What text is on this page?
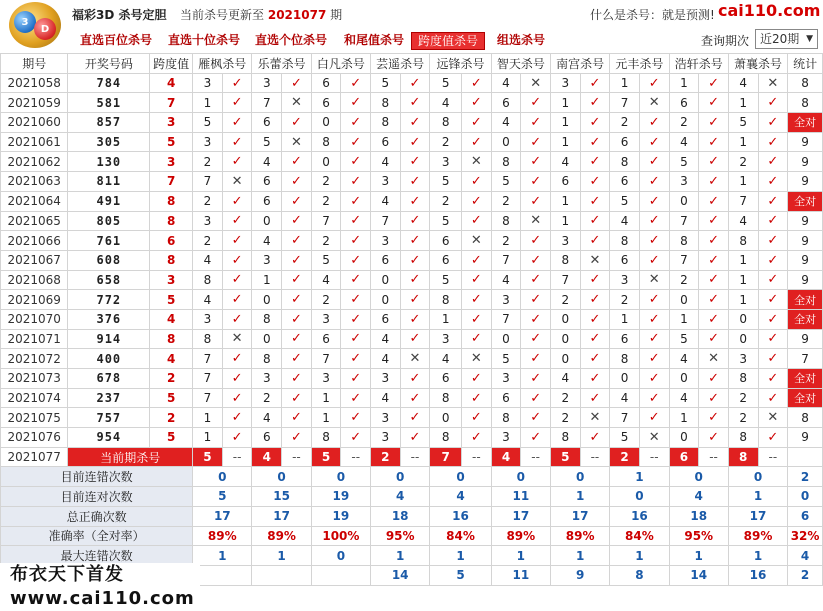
3
D
福彩3D 杀号定胆 当前杀号更新至 2021077 期	什么是杀号：就是预测! cai110.com
直选百位杀号 直选十位杀号 直选个位杀号 和尾值杀号	跨度值杀号	组选杀号	查询期次 近20期 ▼
期号	开奖号码	跨度值	雁枫杀号		乐蕾杀号		白凡杀号		芸遥杀号		远锋杀号		智天杀号		南宫杀号		元丰杀号		浩轩杀号		萧襄杀号		统计
2021058	784	4	3	✓	3	✓	6	✓	5	✓	5	✓	4	✕	3	✓	1	✓	1	✓	4	✕	8
2021059	581	7	1	✓	7	✕	6	✓	8	✓	4	✓	6	✓	1	✓	7	✕	6	✓	1	✓	8
2021060	857	3	5	✓	6	✓	0	✓	8	✓	8	✓	4	✓	1	✓	2	✓	2	✓	5	✓	全对
2021061	305	5	3	✓	5	✕	8	✓	6	✓	2	✓	0	✓	1	✓	6	✓	4	✓	1	✓	9
2021062	130	3	2	✓	4	✓	0	✓	4	✓	3	✕	8	✓	4	✓	8	✓	5	✓	2	✓	9
2021063	811	7	7	✕	6	✓	2	✓	3	✓	5	✓	5	✓	6	✓	6	✓	3	✓	1	✓	9
2021064	491	8	2	✓	6	✓	2	✓	4	✓	2	✓	2	✓	1	✓	5	✓	0	✓	7	✓	全对
2021065	805	8	3	✓	0	✓	7	✓	7	✓	5	✓	8	✕	1	✓	4	✓	7	✓	4	✓	9
2021066	761	6	2	✓	4	✓	2	✓	3	✓	6	✕	2	✓	3	✓	8	✓	8	✓	8	✓	9
2021067	608	8	4	✓	3	✓	5	✓	6	✓	6	✓	7	✓	8	✕	6	✓	7	✓	1	✓	9
2021068	658	3	8	✓	1	✓	4	✓	0	✓	5	✓	4	✓	7	✓	3	✕	2	✓	1	✓	9
2021069	772	5	4	✓	0	✓	2	✓	0	✓	8	✓	3	✓	2	✓	2	✓	0	✓	1	✓	全对
2021070	376	4	3	✓	8	✓	3	✓	6	✓	1	✓	7	✓	0	✓	1	✓	1	✓	0	✓	全对
2021071	914	8	8	✕	0	✓	6	✓	4	✓	3	✓	0	✓	0	✓	6	✓	5	✓	0	✓	9
2021072	400	4	7	✓	8	✓	7	✓	4	✕	4	✕	5	✓	0	✓	8	✓	4	✕	3	✓	7
2021073	678	2	7	✓	3	✓	3	✓	3	✓	6	✓	3	✓	4	✓	0	✓	0	✓	8	✓	全对
2021074	237	5	7	✓	2	✓	1	✓	4	✓	8	✓	6	✓	2	✓	4	✓	4	✓	2	✓	全对
2021075	757	2	1	✓	4	✓	1	✓	3	✓	0	✓	8	✓	2	✕	7	✓	1	✓	2	✕	8
2021076	954	5	1	✓	6	✓	8	✓	3	✓	8	✓	3	✓	8	✓	5	✕	0	✓	8	✓	9
2021077	当前期杀号		5	--	4	--	5	--	2	--	7	--	4	--	5	--	2	--	6	--	8	--	
目前连错次数			0		0		0		0		0		0		0		1		0		0		2
目前连对次数			5		15		19		4		4		11		1		0		4		1		0
总正确次数			17		17		19		18		16		17		17		16		18		17		6
准确率（全对率）			89%		89%		100%		95%		84%		89%		89%		84%		95%		89%		32%
最大连错次数			1		1		0		1		1		1		1		1		1		1		4
									14		5		11		9		8		14		16		2
布衣天下首发 www.cai110.com
